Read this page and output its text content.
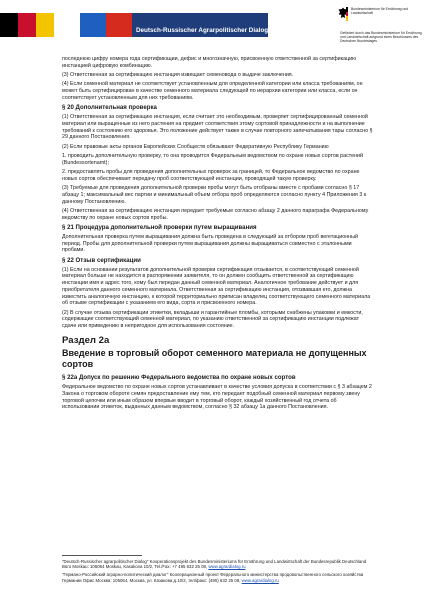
Deutsch-Russischer Agrarpolitischer Dialog
Германо-Российский аграрно-политический диалог
Bundesministerium für Ernährung und Landwirtschaft
Gefördert durch das Bundesministerium für Ernährung und Landwirtschaft aufgrund eines Beschlusses des Deutschen Bundestages

последнюю цифру номера года сертификации, дефис и многозначную, присвоенную ответственной за сертификацию инстанцией цифровую комбинацию.

(3) Ответственная за сертификацию инстанция извещает семеновода о выдаче заключения.

(4) Если семенной материал не соответствует установленным для определенной категории или класса требованиям, он может быть сертифицирован в качестве семенного материала следующей по иерархии категории или класса, если он соответствует установленным для них требованиям.

§ 20 Дополнительная проверка

(1) Ответственная за сертификацию инстанция, если считает это необходимым, проверяет сертифицированный семенной материал или выращенные из него растения на предмет соответствия этому сортовой принадлежности и на выполнение требований к состоянию его здоровья. Это положение действует также в случае повторного запечатывания тары согласно § 29 данного Постановления.

(2) Если правовые акты органов Европейских Сообществ обязывают Федеративную Республику Германию

1. проводить дополнительную проверку, то она проводится Федеральным ведомством по охране новых сортов растений (Bundessortenamt);

2. предоставлять пробы для проведения дополнительных проверок за границей, то Федеральное ведомство по охране новых сортов обеспечивает передачу проб соответствующей инстанции, проводящей такую проверку.

(3) Требуемые для проведения дополнительной проверки пробы могут быть отобраны вместе с пробами согласно § 17 абзацу 1; максимальный вес партии и минимальный объем отбора проб определяются согласно пункту 4 Приложения 3 к данному Постановлению.

(4) Ответственная за сертификацию инстанция передает требуемые согласно абзацу 2 данного параграфа Федеральному ведомству по охране новых сортов пробы.

§ 21 Процедура дополнительной проверки путем выращивания

Дополнительная проверка путем выращивания должна быть проведена в следующий за отбором проб вегетационный период. Пробы для дополнительной проверки путем выращивания должны выращиваться совместно с эталонными пробами.

§ 22 Отзыв сертификации

(1) Если на основании результатов дополнительной проверки сертификация отзывается, в соответствующий семенной материал больше не находится в распоряжении заявителя, то он должен сообщить ответственной за сертификацию инстанции имя и адрес того, кому был передан данный семенной материал. Аналогичное требование действует и для приобретателя данного семенного материала. Ответственная за сертификацию инстанция, отозвавшая его, должна известить аналогичную инстанцию, к которой территориально приписан владелец соответствующего семенного материала об отзыве сертификации с указанием его вида, сорта и присвоенного номера.

(2) В случае отзыва сертификации этикетки, вкладыши и гарантийные пломбы, которыми снабжены упаковки и емкости, содержащие соответствующий семенной материал, по указанию ответственной за сертификацию инстанции подлежат сдаче или приведению в непригодное для использования состояние.

Раздел 2a
Введение в торговый оборот семенного материала не допущенных сортов
§ 22a Допуск по решению Федерального ведомства по охране новых сортов

Федеральное ведомство по охране новых сортов устанавливает в качестве условия допуска в соответствии с § 3 абзацем 2 Закона о торговом обороте семян предоставление ему тем, кто передает подобный семенной материал первому звену торговой цепочки или иным образом впервые вводит в торговый оборот, каждый хозяйственный год отчета об использовании этикеток, выданных данным ведомством, согласно § 32 абзацу 1а данного Постановления.

"Deutsch-Russischer agrarpolitischer Dialog" Kooperationsprojekt des Bundesministeriums für Ernährung und Landwirtschaft der Bundesrepublik Deutschland Büro Moskau: 105064 Moskau, Kasakova 10/2, Tel./Fax: +7 495 632 25 08, www.agrardialog.ru

"Германо-Российский аграрно-политический диалог" Кооперационный проект Федерального министерства продовольственного сельского хозяйства Германии Офис Москва: 105064, Москва, ул. Казакова д.10/2, тел/факс: (495) 632 25 08, www.agrardialog.ru
